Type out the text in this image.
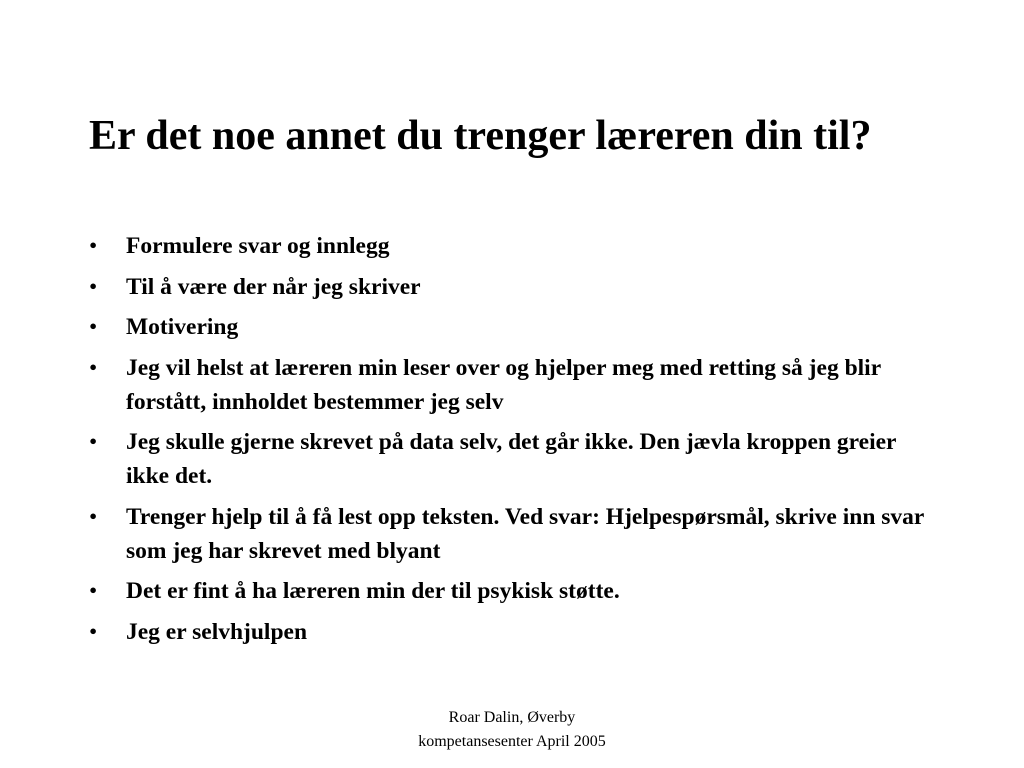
Er det noe annet du trenger læreren din til?
• Formulere svar og innlegg
• Til å være der når jeg skriver
• Motivering
• Jeg vil helst at læreren min leser over og hjelper meg med retting så jeg blir forstått, innholdet bestemmer jeg selv
• Jeg skulle gjerne skrevet på data selv, det går ikke. Den jævla kroppen greier ikke det.
• Trenger hjelp til å få lest opp teksten. Ved svar: Hjelpespørsmål, skrive inn svar som jeg har skrevet med blyant
• Det er fint å ha læreren min der til psykisk støtte.
• Jeg er selvhjulpen
Roar Dalin, Øverby
kompetansesenter April 2005
